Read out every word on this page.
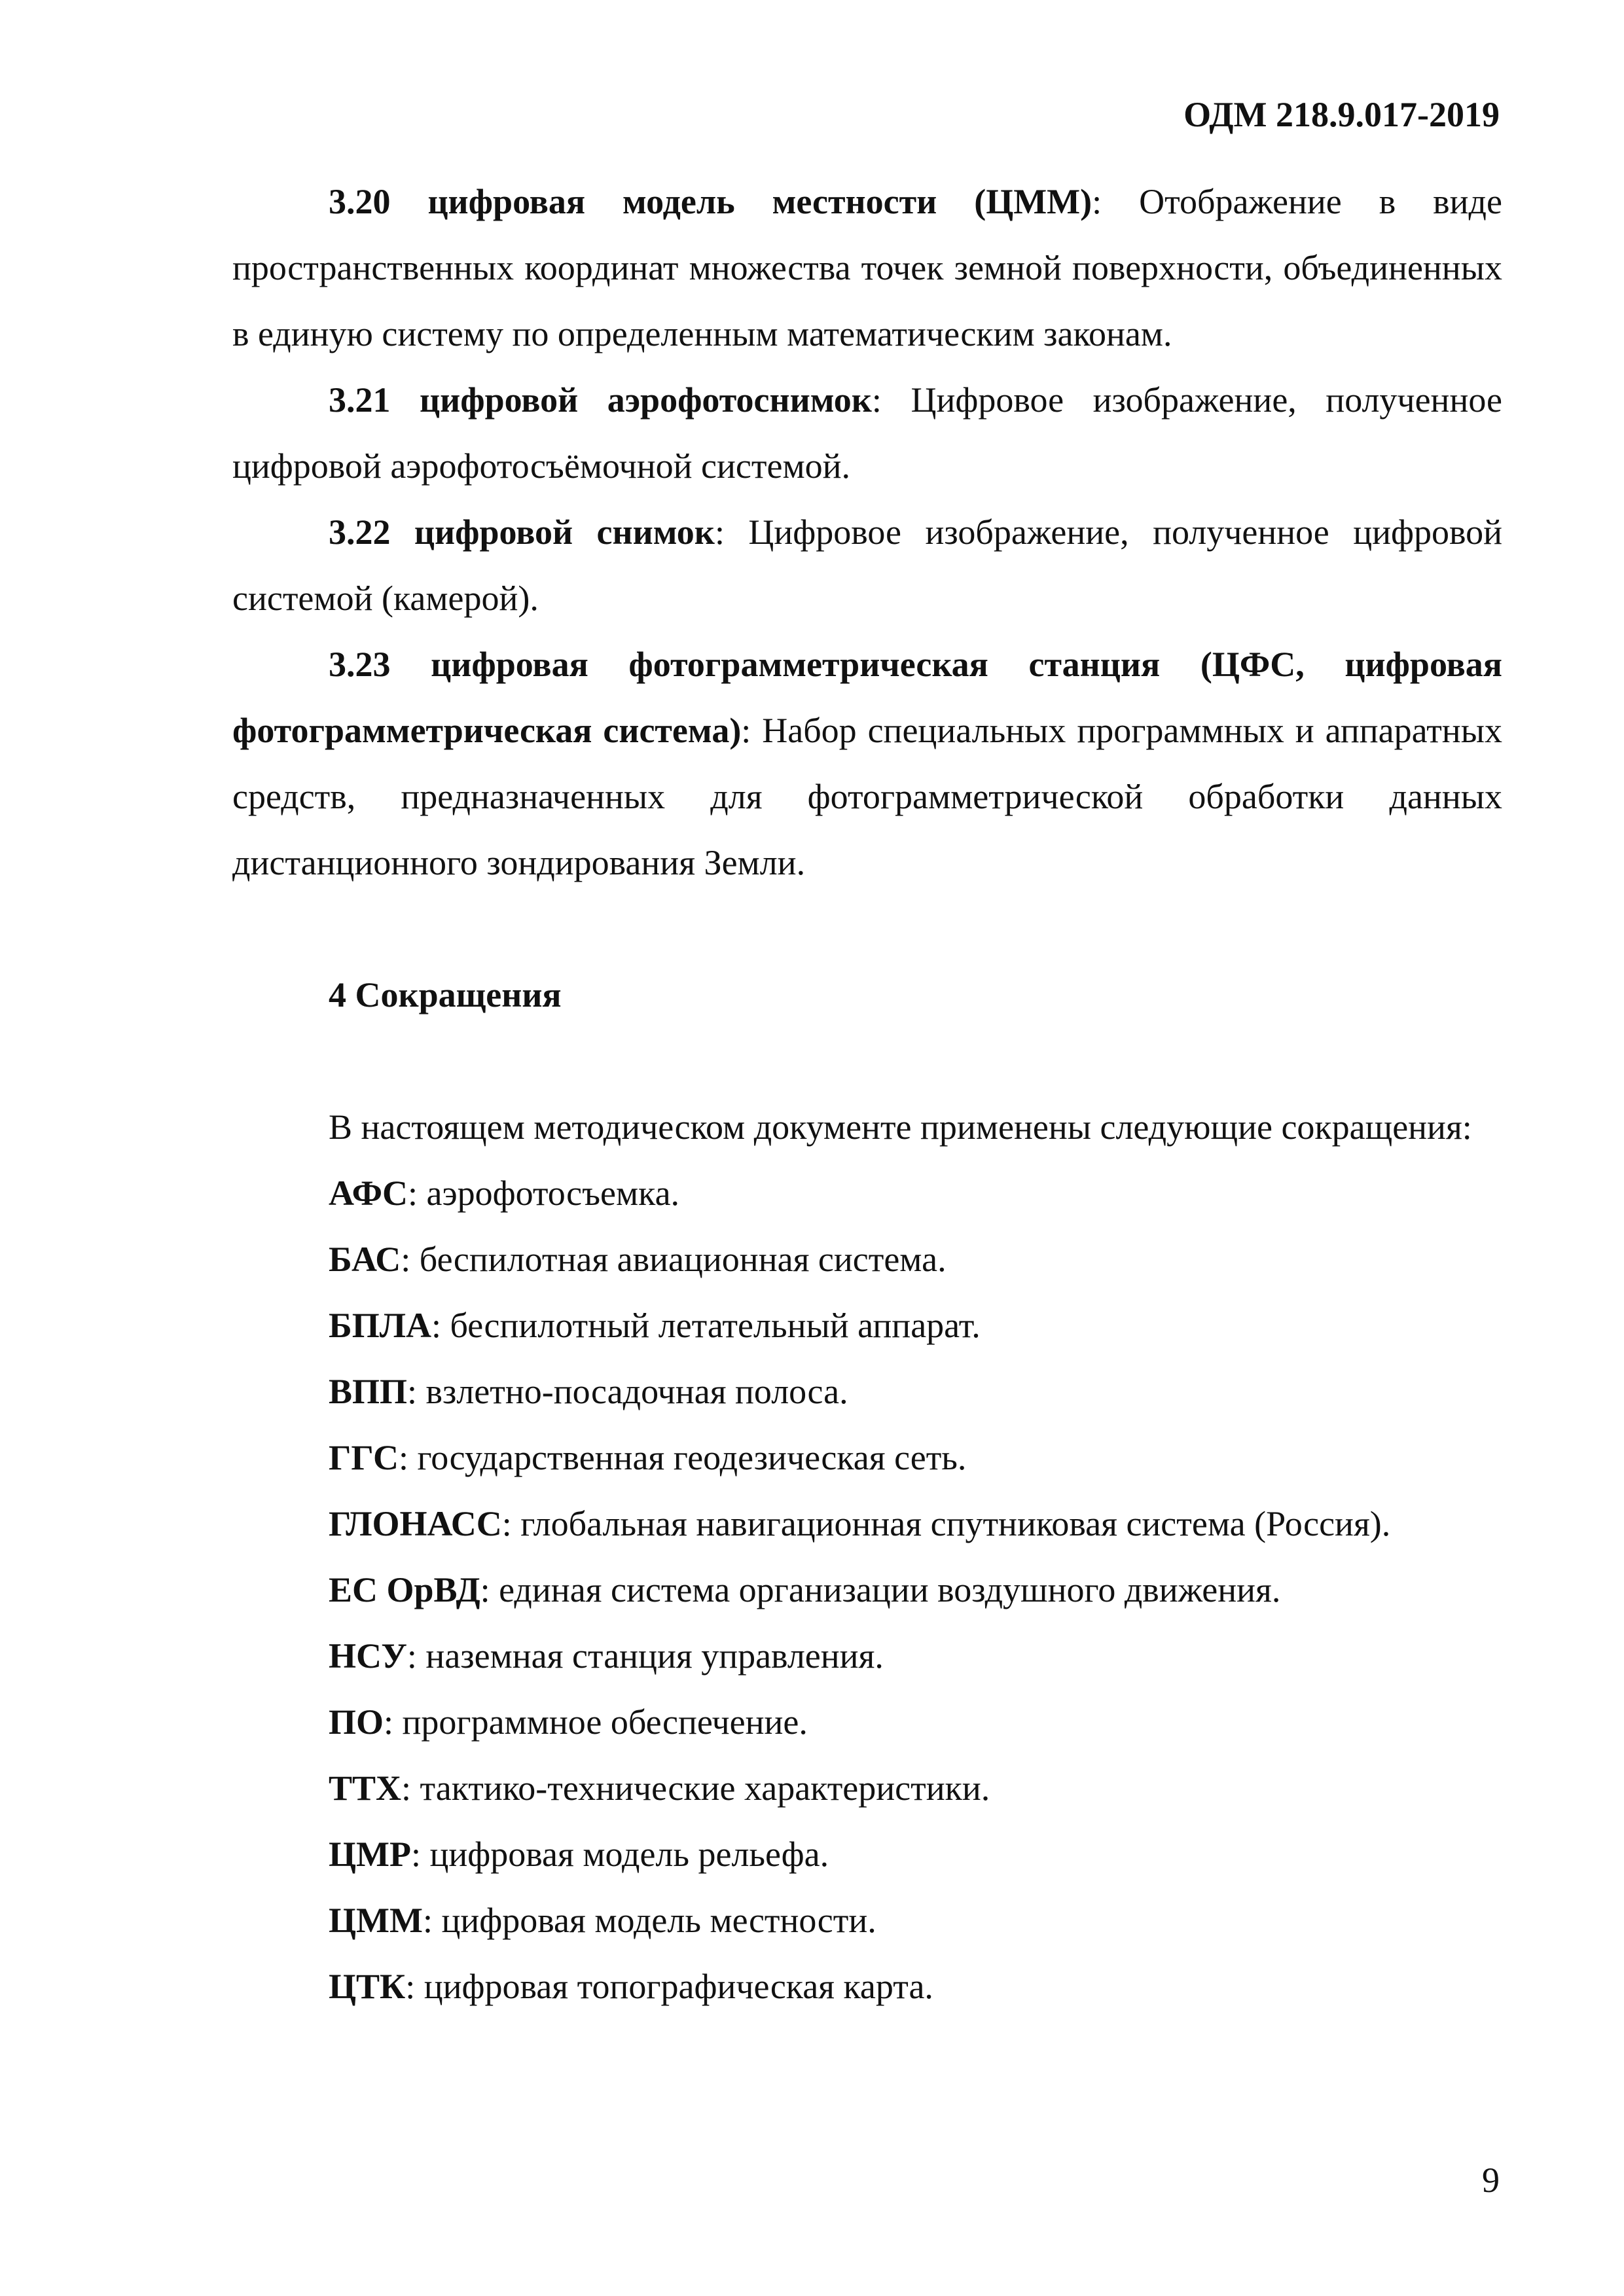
ОДМ 218.9.017-2019

3.20 цифровая модель местности (ЦММ): Отображение в виде пространственных координат множества точек земной поверхности, объединенных в единую систему по определенным математическим законам.

3.21 цифровой аэрофотоснимок: Цифровое изображение, полученное цифровой аэрофотосъёмочной системой.

3.22 цифровой снимок: Цифровое изображение, полученное цифровой системой (камерой).

3.23 цифровая фотограмметрическая станция (ЦФС, цифровая фотограмметрическая система): Набор специальных программных и аппаратных средств, предназначенных для фотограмметрической обработки данных дистанционного зондирования Земли.

4 Сокращения

В настоящем методическом документе применены следующие сокращения:

АФС: аэрофотосъемка.
БАС: беспилотная авиационная система.
БПЛА: беспилотный летательный аппарат.
ВПП: взлетно-посадочная полоса.
ГГС: государственная геодезическая сеть.
ГЛОНАСС: глобальная навигационная спутниковая система (Россия).
ЕС ОрВД: единая система организации воздушного движения.
НСУ: наземная станция управления.
ПО: программное обеспечение.
ТТХ: тактико-технические характеристики.
ЦМР: цифровая модель рельефа.
ЦММ: цифровая модель местности.
ЦТК: цифровая топографическая карта.
9
